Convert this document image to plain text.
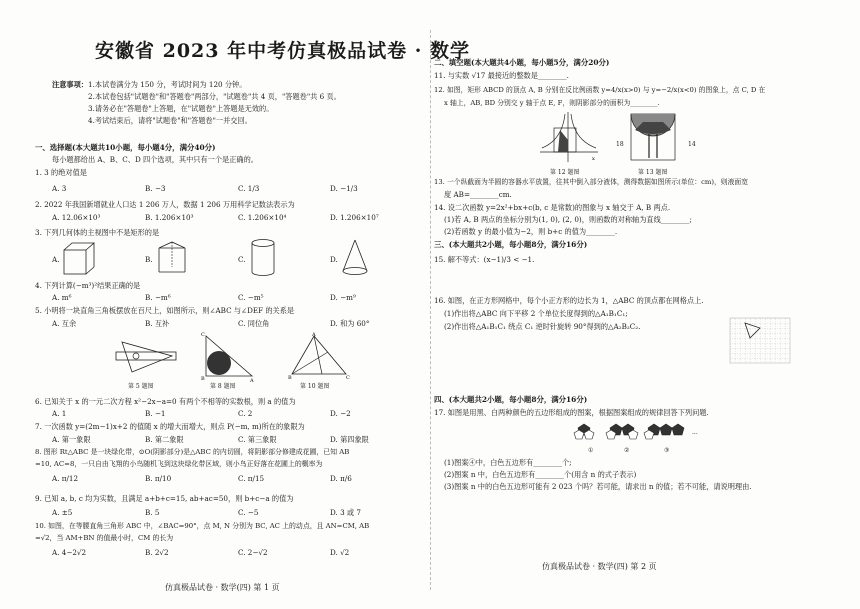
安徽省 2023 年中考仿真极品试卷 · 数学
注意事项： 1.本试卷满分为 150 分，考试时间为 120 分钟。
2.本试卷包括"试题卷"和"答题卷"两部分，"试题卷"共 4 页，"答题卷"共 6 页。
3.请务必在"答题卷"上答题，在"试题卷"上答题是无效的。
4.考试结束后，请将"试题卷"和"答题卷"一并交回。
一、选择题(本大题共10小题，每小题4分，满分40分)
每小题都给出 A、B、C、D 四个选项，其中只有一个是正确的。
1. 3 的绝对值是
A. 3	B. −3	C. 1/3	D. −1/3
2. 2022 年我国新增就业人口达 1 206 万人，数据 1 206 万用科学记数法表示为
A. 12.06×10³	B. 1.206×10³	C. 1.206×10⁴	D. 1.206×10⁷
3. 下列几何体的主视图中不是矩形的是
A.	B.	C.	D.
4. 下列计算(−m³)²结果正确的是
A. m⁶	B. −m⁶	C. −m⁵	D. −m⁹
5. 小明将一块直角三角板摆放在百尺上，如图所示，则∠ABC 与∠DEF 的关系是
A. 互余	B. 互补	C. 同位角	D. 和为 60°
第 5 题图
C
B	A
第 8 题图
A
B	C
第 10 题图
6. 已知关于 x 的一元二次方程 x²−2x−a=0 有两个不相等的实数根，则 a 的值为
A. 1	B. −1	C. 2	D. −2
7. 一次函数 y=(2m−1)x+2 的值随 x 的增大而增大，则点 P(−m, m)所在的象限为
A. 第一象限	B. 第二象限	C. 第三象限	D. 第四象限
8. 图形 Rt△ABC 是一块绿化带，⊙O(阴影部分)是△ABC 的内切圆，将阴影部分修建成花圃，已知 AB
=10, AC=8，一只自由飞翔的小鸟随机飞到这块绿化带区域，则小鸟正好落在花圃上的概率为
A. π/12	B. π/10	C. π/15	D. π/6
9. 已知 a, b, c 均为实数，且满足 a+b+c=15, ab+ac=50，则 b+c−a 的值为
A. ±5	B. 5	C. −5	D. 3 或 7
10. 如图，在等腰直角三角形 ABC 中，∠BAC=90°，点 M, N 分别为 BC, AC 上的动点，且 AN=CM, AB
=√2，当 AM+BN 的值最小时，CM 的长为
A. 4−2√2	B. 2√2	C. 2−√2	D. √2
仿真极品试卷 · 数学(四) 第 1 页
二、填空题(本大题共4小题，每小题5分，满分20分)
11. 与实数 √17 最接近的整数是________.
12. 如图，矩形 ABCD 的顶点 A, B 分别在反比例函数 y=4/x(x>0) 与 y=−2/x(x<0) 的图象上，点 C, D 在
x 轴上，AB, BD 分别交 y 轴于点 E, F，则阴影部分的面积为________.
x
第 12 题图
18	14
第 13 题图
13. 一个纵截面为半圆的容器水平放置，往其中倒入部分液体，测得数据如图所示(单位：cm)，则液面宽
度 AB=________cm.
14. 设二次函数 y=2x²+bx+c(b, c 是常数)的图象与 x 轴交于 A, B 两点.
(1)若 A, B 两点的坐标分别为(1, 0), (2, 0)，则函数的对称轴为直线________;
(2)若函数 y 的最小值为−2，则 b+c 的值为________.
三、(本大题共2小题，每小题8分，满分16分)
15. 解不等式：(x−1)/3 < −1.
16. 如图，在正方形网格中，每个小正方形的边长为 1，△ABC 的顶点都在网格点上.
(1)作出将△ABC 向下平移 2 个单位长度得到的△A₁B₁C₁;
(2)作出将△A₁B₁C₁ 绕点 C₁ 逆时针旋转 90°得到的△A₂B₂C₂.
四、(本大题共2小题，每小题8分，满分16分)
17. 如图是用黑、白两种颜色的五边形组成的图案，根据图案组成的规律回答下列问题.
①	②	③
...
(1)图案④中，白色五边形有________个;
(2)图案 n 中，白色五边形有________个(用含 n 的式子表示)
(3)图案 n 中的白色五边形可能有 2 023 个吗？若可能，请求出 n 的值；若不可能，请说明理由.
仿真极品试卷 · 数学(四) 第 2 页
